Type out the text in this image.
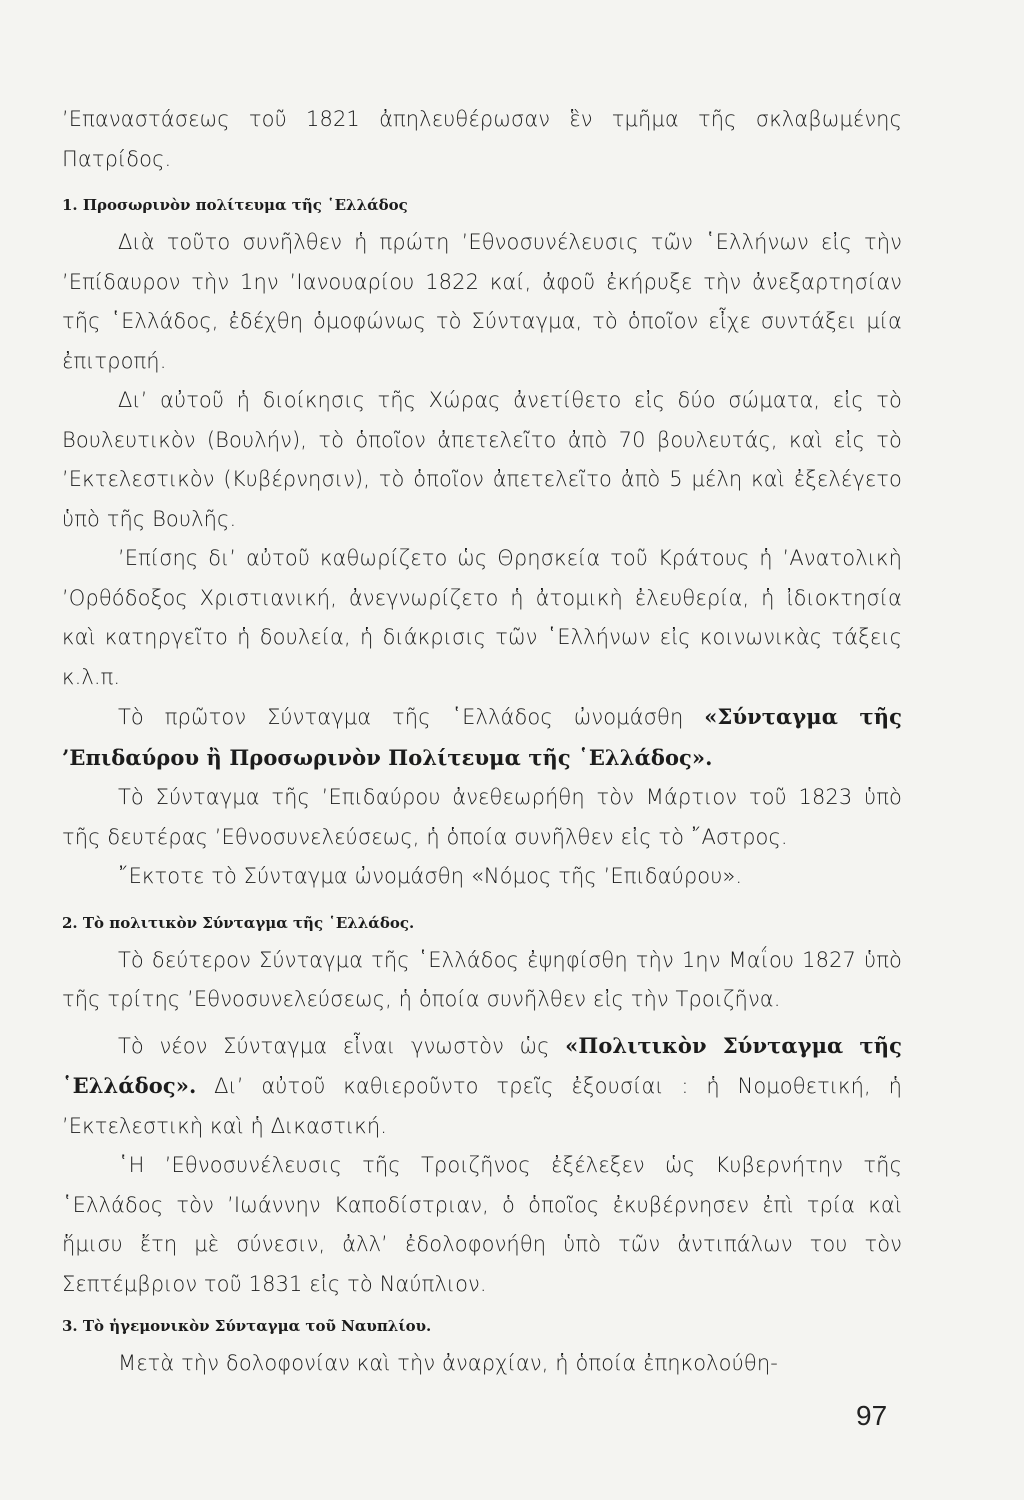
’Επαναστάσεως τοῦ 1821 ἀπηλευθέρωσαν ἓν τμῆμα τῆς σκλαβωμένης Πατρίδος.

1. Προσωρινὸν πολίτευμα τῆς ῾Ελλάδος

Διὰ τοῦτο συνῆλθεν ἡ πρώτη ’Εθνοσυνέλευσις τῶν ῾Ελλήνων εἰς τὴν ’Επίδαυρον τὴν 1ην ’Ιανουαρίου 1822 καί, ἀφοῦ ἐκήρυξε τὴν ἀνεξαρτησίαν τῆς ῾Ελλάδος, ἐδέχθη ὁμοφώνως τὸ Σύνταγμα, τὸ ὁποῖον εἶχε συντάξει μία ἐπιτροπή.

Δι’ αὐτοῦ ἡ διοίκησις τῆς Χώρας ἀνετίθετο εἰς δύο σώματα, εἰς τὸ Βουλευτικὸν (Βουλήν), τὸ ὁποῖον ἀπετελεῖτο ἀπὸ 70 βουλευτάς, καὶ εἰς τὸ ’Εκτελεστικὸν (Κυβέρνησιν), τὸ ὁποῖον ἀπετελεῖτο ἀπὸ 5 μέλη καὶ ἐξελέγετο ὑπὸ τῆς Βουλῆς.

’Επίσης δι’ αὐτοῦ καθωρίζετο ὡς Θρησκεία τοῦ Κράτους ἡ ’Ανατολικὴ ’Ορθόδοξος Χριστιανική, ἀνεγνωρίζετο ἡ ἀτομικὴ ἐλευθερία, ἡ ἰδιοκτησία καὶ κατηργεῖτο ἡ δουλεία, ἡ διάκρισις τῶν ῾Ελλήνων εἰς κοινωνικὰς τάξεις κ.λ.π.

Τὸ πρῶτον Σύνταγμα τῆς ῾Ελλάδος ὠνομάσθη «Σύνταγμα τῆς ’Επιδαύρου ἢ Προσωρινὸν Πολίτευμα τῆς ῾Ελλάδος».

Τὸ Σύνταγμα τῆς ’Επιδαύρου ἀνεθεωρήθη τὸν Μάρτιον τοῦ 1823 ὑπὸ τῆς δευτέρας ’Εθνοσυνελεύσεως, ἡ ὁποία συνῆλθεν εἰς τὸ ῎Αστρος.

῎Εκτοτε τὸ Σύνταγμα ὠνομάσθη «Νόμος τῆς ’Επιδαύρου».

2. Τὸ πολιτικὸν Σύνταγμα τῆς ῾Ελλάδος.

Τὸ δεύτερον Σύνταγμα τῆς ῾Ελλάδος ἐψηφίσθη τὴν 1ην Μαΐου 1827 ὑπὸ τῆς τρίτης ’Εθνοσυνελεύσεως, ἡ ὁποία συνῆλθεν εἰς τὴν Τροιζῆνα.

Τὸ νέον Σύνταγμα εἶναι γνωστὸν ὡς «Πολιτικὸν Σύνταγμα τῆς ῾Ελλάδος». Δι’ αὐτοῦ καθιεροῦντο τρεῖς ἐξουσίαι : ἡ Νομοθετική, ἡ ’Εκτελεστικὴ καὶ ἡ Δικαστική.

῾Η ’Εθνοσυνέλευσις τῆς Τροιζῆνος ἐξέλεξεν ὡς Κυβερνήτην τῆς ῾Ελλάδος τὸν ’Ιωάννην Καποδίστριαν, ὁ ὁποῖος ἐκυβέρνησεν ἐπὶ τρία καὶ ἥμισυ ἔτη μὲ σύνεσιν, ἀλλ’ ἐδολοφονήθη ὑπὸ τῶν ἀντιπάλων του τὸν Σεπτέμβριον τοῦ 1831 εἰς τὸ Ναύπλιον.

3. Τὸ ἡγεμονικὸν Σύνταγμα τοῦ Ναυπλίου.

Μετὰ τὴν δολοφονίαν καὶ τὴν ἀναρχίαν, ἡ ὁποία ἐπηκολούθη-

97
